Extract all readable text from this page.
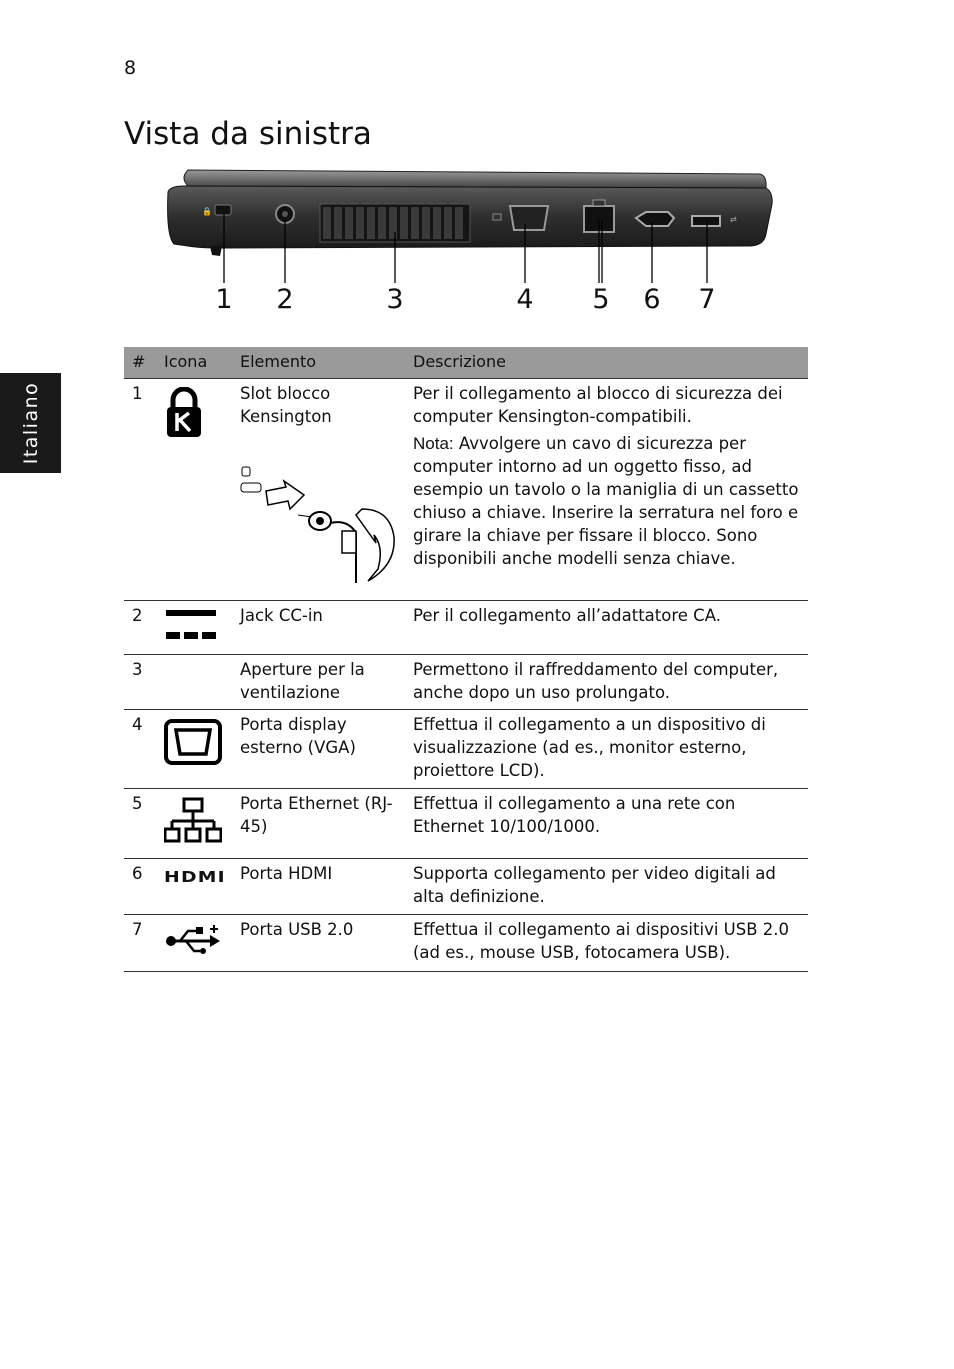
8
Vista da sinistra
Italiano
🔒
⇄
1 2	3	4 5 6 7
# Icona Elemento	Descrizione
1	Slot blocco Kensington

Per il collegamento al blocco di sicurezza dei computer Kensington-compatibili.

Nota: Avvolgere un cavo di sicurezza per computer intorno ad un oggetto fisso, ad esempio un tavolo o la maniglia di un cassetto chiuso a chiave. Inserire la serratura nel foro e girare la chiave per fissare il blocco. Sono disponibili anche modelli senza chiave.

2	Jack CC-in	Per il collegamento all’adattatore CA.
3	Aperture per la ventilazione
Permettono il raffreddamento del computer, anche dopo un uso prolungato.
4	Porta display esterno (VGA)
Effettua il collegamento a un dispositivo di visualizzazione (ad es., monitor esterno, proiettore LCD).
5	Porta Ethernet (RJ-45)
Effettua il collegamento a una rete con Ethernet 10/100/1000.
6 HDMI Porta HDMI	Supporta collegamento per video digitali ad alta definizione.
7	Porta USB 2.0	Effettua il collegamento ai dispositivi USB 2.0 (ad es., mouse USB, fotocamera USB).
